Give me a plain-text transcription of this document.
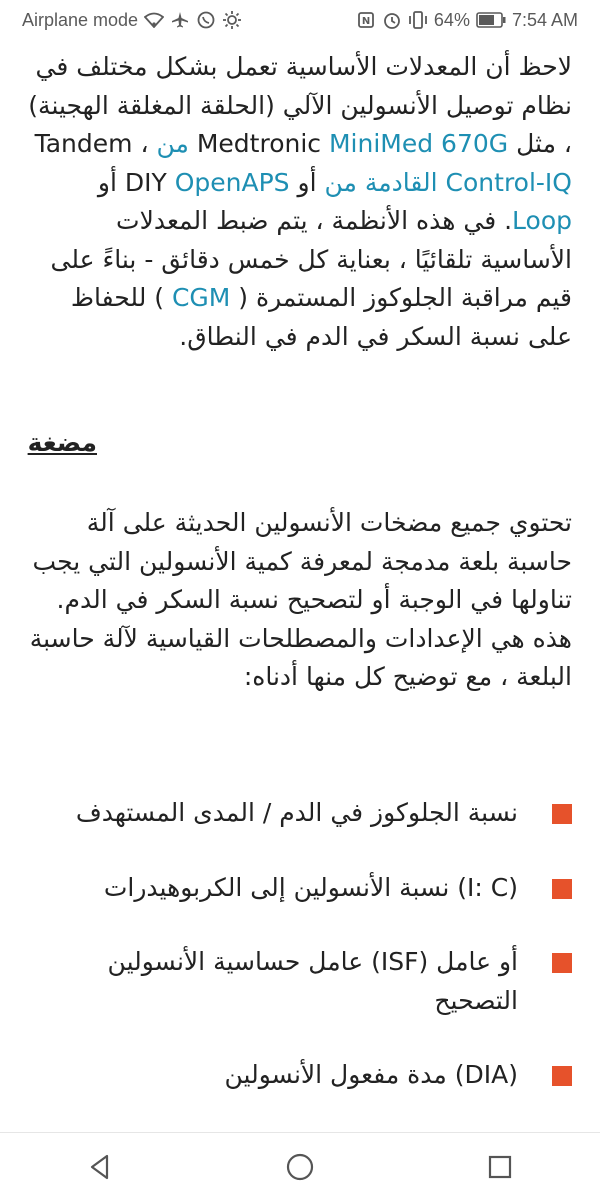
Airplane mode	N	64% 7:54 AM

لاحظ أن المعدلات الأساسية تعمل بشكل مختلف في نظام توصيل الأنسولين الآلي (الحلقة المغلقة الهجينة) ، مثل Medtronic MiniMed 670G من ، Tandem Control-IQ القادمة من أو DIY OpenAPS أو Loop. في هذه الأنظمة ، يتم ضبط المعدلات الأساسية تلقائيًا ، بعناية كل خمس دقائق - بناءً على قيم مراقبة الجلوكوز المستمرة ( CGM ) للحفاظ على نسبة السكر في الدم في النطاق.

مضغة

تحتوي جميع مضخات الأنسولين الحديثة على آلة حاسبة بلعة مدمجة لمعرفة كمية الأنسولين التي يجب تناولها في الوجبة أو لتصحيح نسبة السكر في الدم. هذه هي الإعدادات والمصطلحات القياسية لآلة حاسبة البلعة ، مع توضيح كل منها أدناه:

نسبة الجلوكوز في الدم / المدى المستهدف
(I: C) نسبة الأنسولين إلى الكربوهيدرات
أو عامل (ISF) عامل حساسية الأنسولين التصحيح
(DIA) مدة مفعول الأنسولين
